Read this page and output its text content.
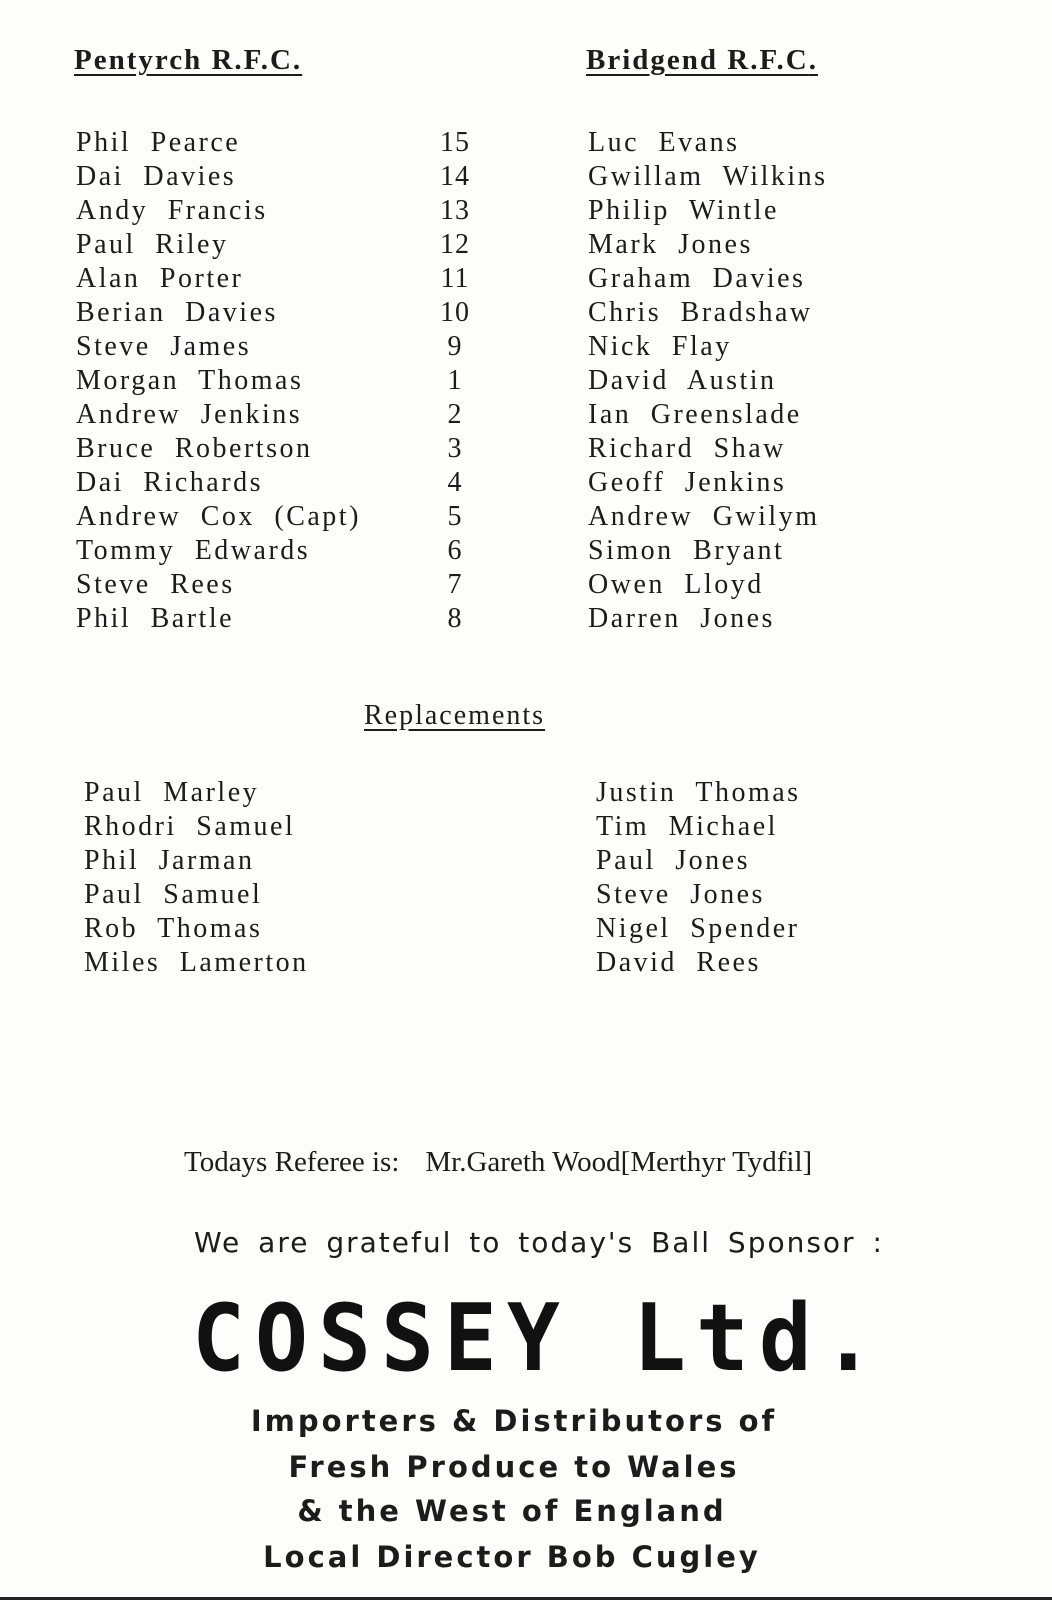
Pentyrch R.F.C.	Bridgend R.F.C.
Phil Pearce
Dai Davies
Andy Francis
Paul Riley
Alan Porter
Berian Davies
Steve James
Morgan Thomas
Andrew Jenkins
Bruce Robertson
Dai Richards
Andrew Cox (Capt)
Tommy Edwards
Steve Rees
Phil Bartle
15
14
13
12
11
10
9
1
2
3
4
5
6
7
8
Luc Evans
Gwillam Wilkins
Philip Wintle
Mark Jones
Graham Davies
Chris Bradshaw
Nick Flay
David Austin
Ian Greenslade
Richard Shaw
Geoff Jenkins
Andrew Gwilym
Simon Bryant
Owen Lloyd
Darren Jones
Replacements
Paul Marley
Rhodri Samuel
Phil Jarman
Paul Samuel
Rob Thomas
Miles Lamerton
Justin Thomas
Tim Michael
Paul Jones
Steve Jones
Nigel Spender
David Rees
Todays Referee is: Mr.Gareth Wood[Merthyr Tydfil]
We are grateful to today's Ball Sponsor :
COSSEY Ltd.
Importers & Distributors of
Fresh Produce to Wales
& the West of England
Local Director Bob Cugley
